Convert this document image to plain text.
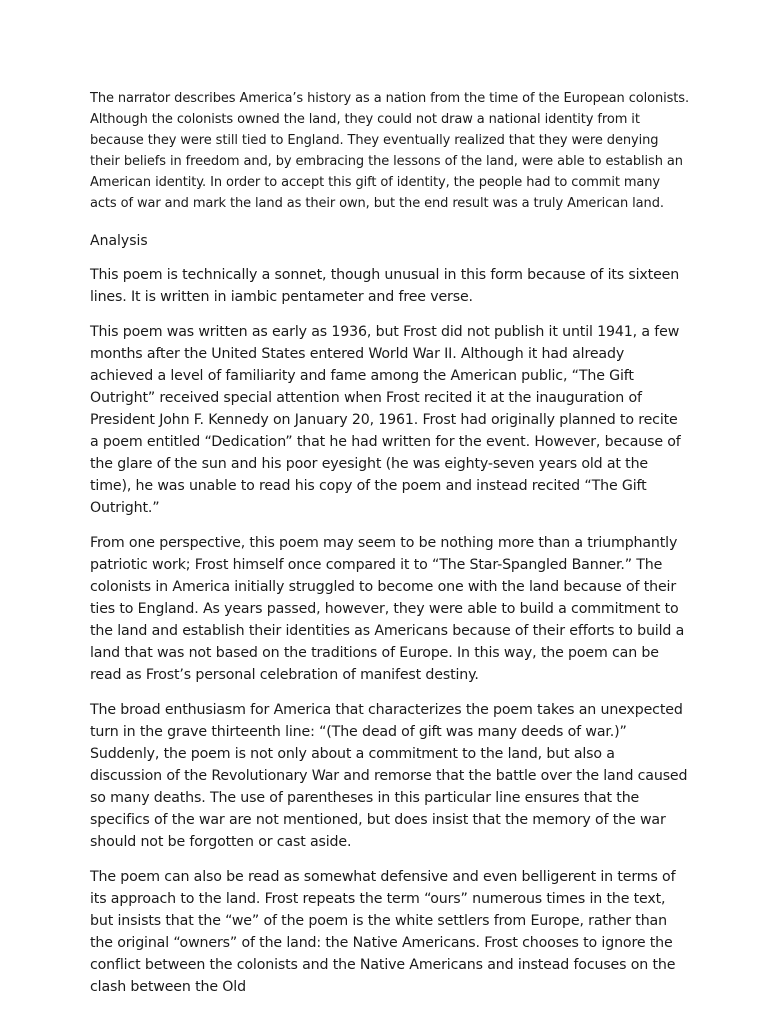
The narrator describes America’s history as a nation from the time of the European colonists. Although the colonists owned the land, they could not draw a national identity from it because they were still tied to England. They eventually realized that they were denying their beliefs in freedom and, by embracing the lessons of the land, were able to establish an American identity. In order to accept this gift of identity, the people had to commit many acts of war and mark the land as their own, but the end result was a truly American land.

Analysis

This poem is technically a sonnet, though unusual in this form because of its sixteen lines. It is written in iambic pentameter and free verse.

This poem was written as early as 1936, but Frost did not publish it until 1941, a few months after the United States entered World War II. Although it had already achieved a level of familiarity and fame among the American public, “The Gift Outright” received special attention when Frost recited it at the inauguration of President John F. Kennedy on January 20, 1961. Frost had originally planned to recite a poem entitled “Dedication” that he had written for the event. However, because of the glare of the sun and his poor eyesight (he was eighty-seven years old at the time), he was unable to read his copy of the poem and instead recited “The Gift Outright.”

From one perspective, this poem may seem to be nothing more than a triumphantly patriotic work; Frost himself once compared it to “The Star-Spangled Banner.” The colonists in America initially struggled to become one with the land because of their ties to England. As years passed, however, they were able to build a commitment to the land and establish their identities as Americans because of their efforts to build a land that was not based on the traditions of Europe. In this way, the poem can be read as Frost’s personal celebration of manifest destiny.

The broad enthusiasm for America that characterizes the poem takes an unexpected turn in the grave thirteenth line: “(The dead of gift was many deeds of war.)” Suddenly, the poem is not only about a commitment to the land, but also a discussion of the Revolutionary War and remorse that the battle over the land caused so many deaths. The use of parentheses in this particular line ensures that the specifics of the war are not mentioned, but does insist that the memory of the war should not be forgotten or cast aside.

The poem can also be read as somewhat defensive and even belligerent in terms of its approach to the land. Frost repeats the term “ours” numerous times in the text, but insists that the “we” of the poem is the white settlers from Europe, rather than the original “owners” of the land: the Native Americans. Frost chooses to ignore the conflict between the colonists and the Native Americans and instead focuses on the clash between the Old
